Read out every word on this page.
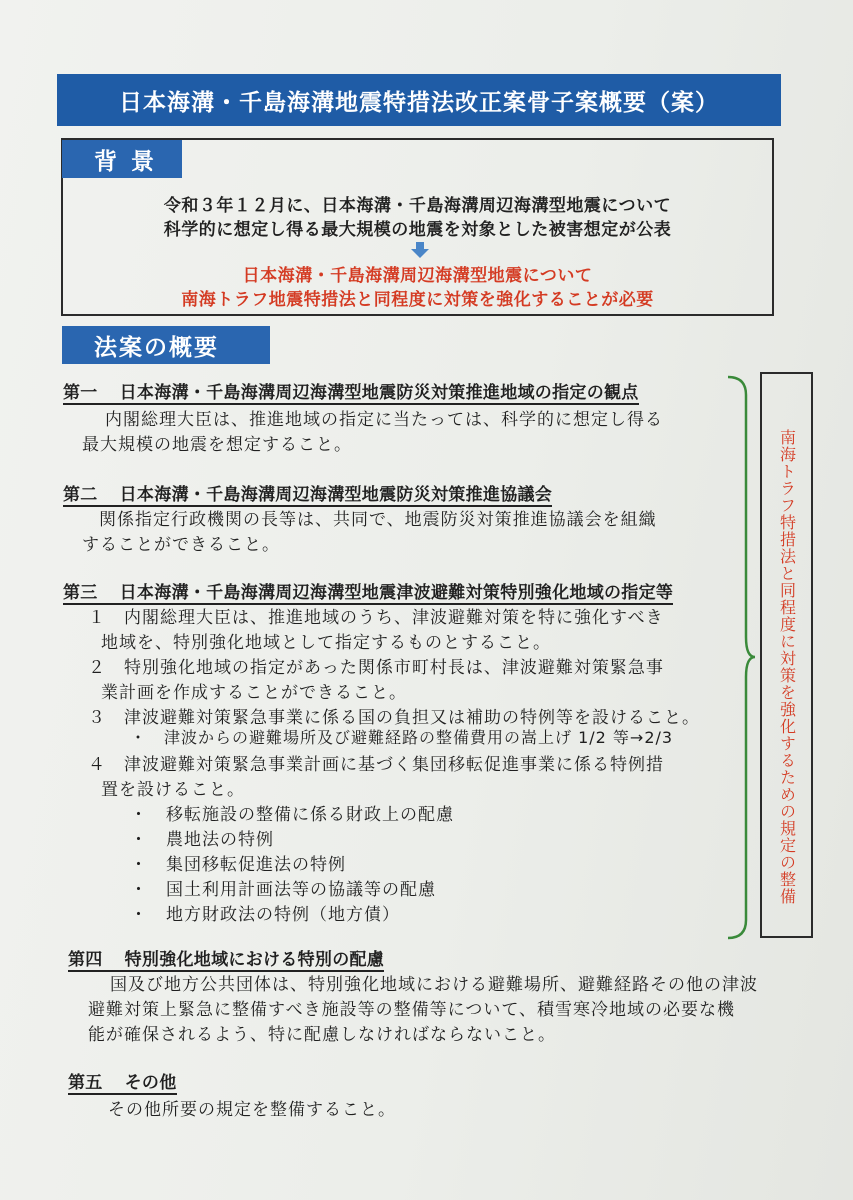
日本海溝・千島海溝地震特措法改正案骨子案概要（案）
背景
令和３年１２月に、日本海溝・千島海溝周辺海溝型地震について
科学的に想定し得る最大規模の地震を対象とした被害想定が公表
日本海溝・千島海溝周辺海溝型地震について
南海トラフ地震特措法と同程度に対策を強化することが必要
法案の概要
第一 日本海溝・千島海溝周辺海溝型地震防災対策推進地域の指定の観点
内閣総理大臣は、推進地域の指定に当たっては、科学的に想定し得る
最大規模の地震を想定すること。
第二 日本海溝・千島海溝周辺海溝型地震防災対策推進協議会
関係指定行政機関の長等は、共同で、地震防災対策推進協議会を組織
することができること。
第三 日本海溝・千島海溝周辺海溝型地震津波避難対策特別強化地域の指定等
１　内閣総理大臣は、推進地域のうち、津波避難対策を特に強化すべき
地域を、特別強化地域として指定するものとすること。
２　特別強化地域の指定があった関係市町村長は、津波避難対策緊急事
業計画を作成することができること。
３　津波避難対策緊急事業に係る国の負担又は補助の特例等を設けること。
・　津波からの避難場所及び避難経路の整備費用の嵩上げ 1/2 等→2/3
４　津波避難対策緊急事業計画に基づく集団移転促進事業に係る特例措
置を設けること。
・　移転施設の整備に係る財政上の配慮
・　農地法の特例
・　集団移転促進法の特例
・　国土利用計画法等の協議等の配慮
・　地方財政法の特例（地方債）
第四 特別強化地域における特別の配慮
国及び地方公共団体は、特別強化地域における避難場所、避難経路その他の津波
避難対策上緊急に整備すべき施設等の整備等について、積雪寒冷地域の必要な機
能が確保されるよう、特に配慮しなければならないこと。
第五 その他
その他所要の規定を整備すること。
南海トラフ特措法と同程度に対策を強化するための規定の整備
